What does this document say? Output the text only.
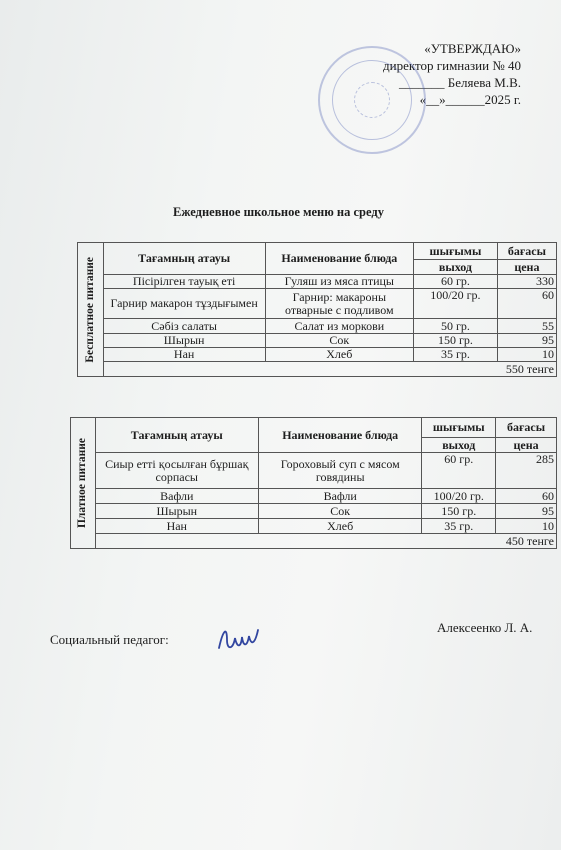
«УТВЕРЖДАЮ»
директор гимназии № 40
_______ Беляева М.В.
«__»______2025 г.
Ежедневное школьное меню на среду
Бесплатное питание	Тағамның атауы	Наименование блюда	шығымы	бағасы
			выход	цена
	Пісірілген тауық еті	Гуляш из мяса птицы	60 гр.	330
	Гарнир макарон тұздығымен	Гарнир: макароны отварные с подливом	100/20 гр.	60
	Сәбіз салаты	Салат из моркови	50 гр.	55
	Шырын	Сок	150 гр.	95
	Нан	Хлеб	35 гр.	10
	550 тенге			
Платное питание	Тағамның атауы	Наименование блюда	шығымы	бағасы
			выход	цена
	Сиыр етті қосылған бұршақ сорпасы	Гороховый суп с мясом говядины	60 гр.	285
	Вафли	Вафли	100/20 гр.	60
	Шырын	Сок	150 гр.	95
	Нан	Хлеб	35 гр.	10
	450 тенге			
Социальный педагог:
Алексеенко Л. А.
